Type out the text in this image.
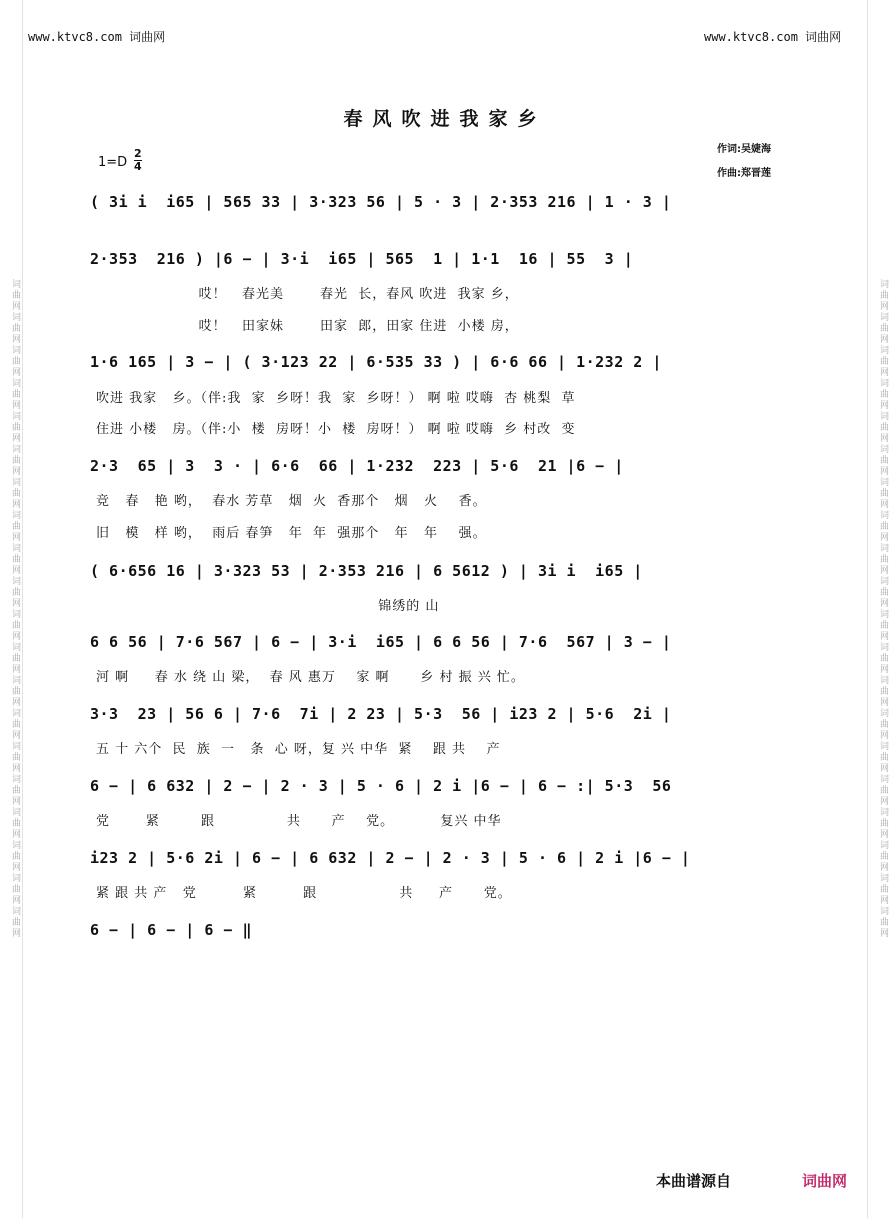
词曲网词曲网词曲网词曲网词曲网词曲网词曲网词曲网词曲网词曲网词曲网词曲网词曲网词曲网词曲网词曲网词曲网词曲网词曲网词曲网	词曲网词曲网词曲网词曲网词曲网词曲网词曲网词曲网词曲网词曲网词曲网词曲网词曲网词曲网词曲网词曲网词曲网词曲网词曲网词曲网
www.ktvc8.com 词曲网	www.ktvc8.com 词曲网
春风吹进我家乡
作词:吴婕海
作曲:郑晋莲
1=D
2
4
( 3i i  i65 | 565 33 | 3·323 56 | 5 · 3 | 2·353 216 | 1 · 3 |
2·353  216 ) |6 − | 3·i  i65 | 565  1 | 1·1  16 | 55  3 |
哎！   春光美       春光  长，春风 吹进  我家 乡，
哎！   田家妹       田家  郎，田家 住进  小楼 房，
1·6 165 | 3 − | ( 3·123 22 | 6·535 33 ) | 6·6 66 | 1·232 2 |
吹进 我家   乡。（伴:我  家  乡呀！我  家  乡呀！） 啊 啦 哎嗨  杏 桃梨  草
住进 小楼   房。（伴:小  楼  房呀！小  楼  房呀！） 啊 啦 哎嗨  乡 村改  变
2·3  65 | 3  3 · | 6·6  66 | 1·232  223 | 5·6  21 |6 − |
竞   春   艳 哟，  春水 芳草   烟  火  香那个   烟   火    香。
旧   模   样 哟，  雨后 春笋   年  年  强那个   年   年    强。
( 6·656 16 | 3·323 53 | 2·353 216 | 6 5612 ) | 3i i  i65 |
锦绣的 山
6 6 56 | 7·6 567 | 6 − | 3·i  i65 | 6 6 56 | 7·6  567 | 3 − |
河 啊     春 水 绕 山 梁，  春 风 惠万    家 啊      乡 村 振 兴 忙。
3·3  23 | 56 6 | 7·6  7i | 2 23 | 5·3  56 | i23 2 | 5·6  2i |
五 十 六个  民  族  一   条  心 呀，复 兴 中华  紧    跟 共    产
6 − | 6 632 | 2 − | 2 · 3 | 5 · 6 | 2 i |6 − | 6 − :| 5·3  56
党       紧        跟              共      产    党。         复兴 中华
i23 2 | 5·6 2i | 6 − | 6 632 | 2 − | 2 · 3 | 5 · 6 | 2 i |6 − |
紧 跟 共 产   党         紧         跟                共     产      党。
6 − | 6 − | 6 − ‖
本曲谱源自	词曲网
